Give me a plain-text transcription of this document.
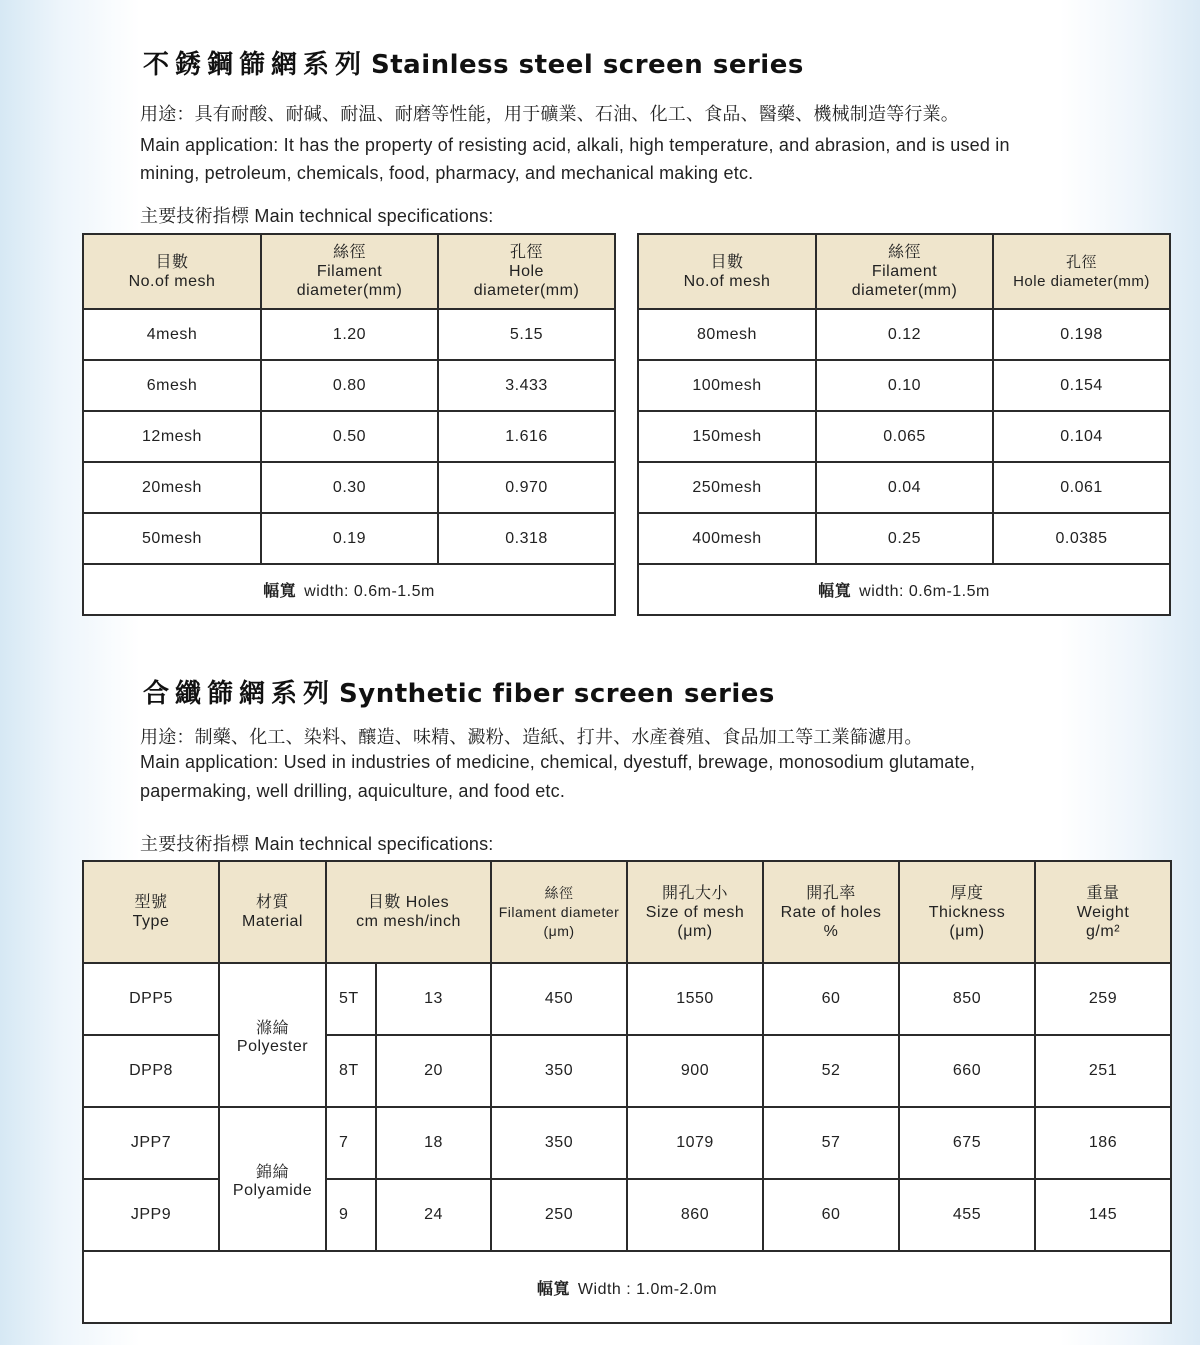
不銹鋼篩網系列 Stainless steel screen series
用途：具有耐酸、耐碱、耐温、耐磨等性能，用于礦業、石油、化工、食品、醫藥、機械制造等行業。
Main application: It has the property of resisting acid, alkali, high temperature, and abrasion, and is used in
mining, petroleum, chemicals, food, pharmacy, and mechanical making etc.
主要技術指標 Main technical specifications:
目數
No.of mesh	絲徑
Filament
diameter(mm)	孔徑
Hole
diameter(mm)

4mesh	1.20	5.15
6mesh	0.80	3.433
12mesh	0.50	1.616
20mesh	0.30	0.970
50mesh	0.19	0.318
幅寬 width: 0.6m-1.5m		
目數
No.of mesh	絲徑
Filament
diameter(mm)	孔徑
Hole diameter(mm)

80mesh	0.12	0.198
100mesh	0.10	0.154
150mesh	0.065	0.104
250mesh	0.04	0.061
400mesh	0.25	0.0385
幅寬 width: 0.6m-1.5m		
合纖篩網系列 Synthetic fiber screen series
用途：制藥、化工、染料、釀造、味精、澱粉、造紙、打井、水產養殖、食品加工等工業篩濾用。
Main application: Used in industries of medicine, chemical, dyestuff, brewage, monosodium glutamate,
papermaking, well drilling, aquiculture, and food etc.
主要技術指標 Main technical specifications:
型號
Type	材質
Material	目數 Holes
cm mesh/inch		絲徑
Filament diameter
(μm)	開孔大小
Size of mesh
(μm)	開孔率
Rate of holes
%	厚度
Thickness
(μm)	重量
Weight
g/m²

DPP5	滌綸
Polyester	5T	13	450	1550	60	850	259
DPP8		8T	20	350	900	52	660	251
JPP7	錦綸
Polyamide	7	18	350	1079	57	675	186
JPP9		9	24	250	860	60	455	145
幅寬 Width : 1.0m-2.0m								
